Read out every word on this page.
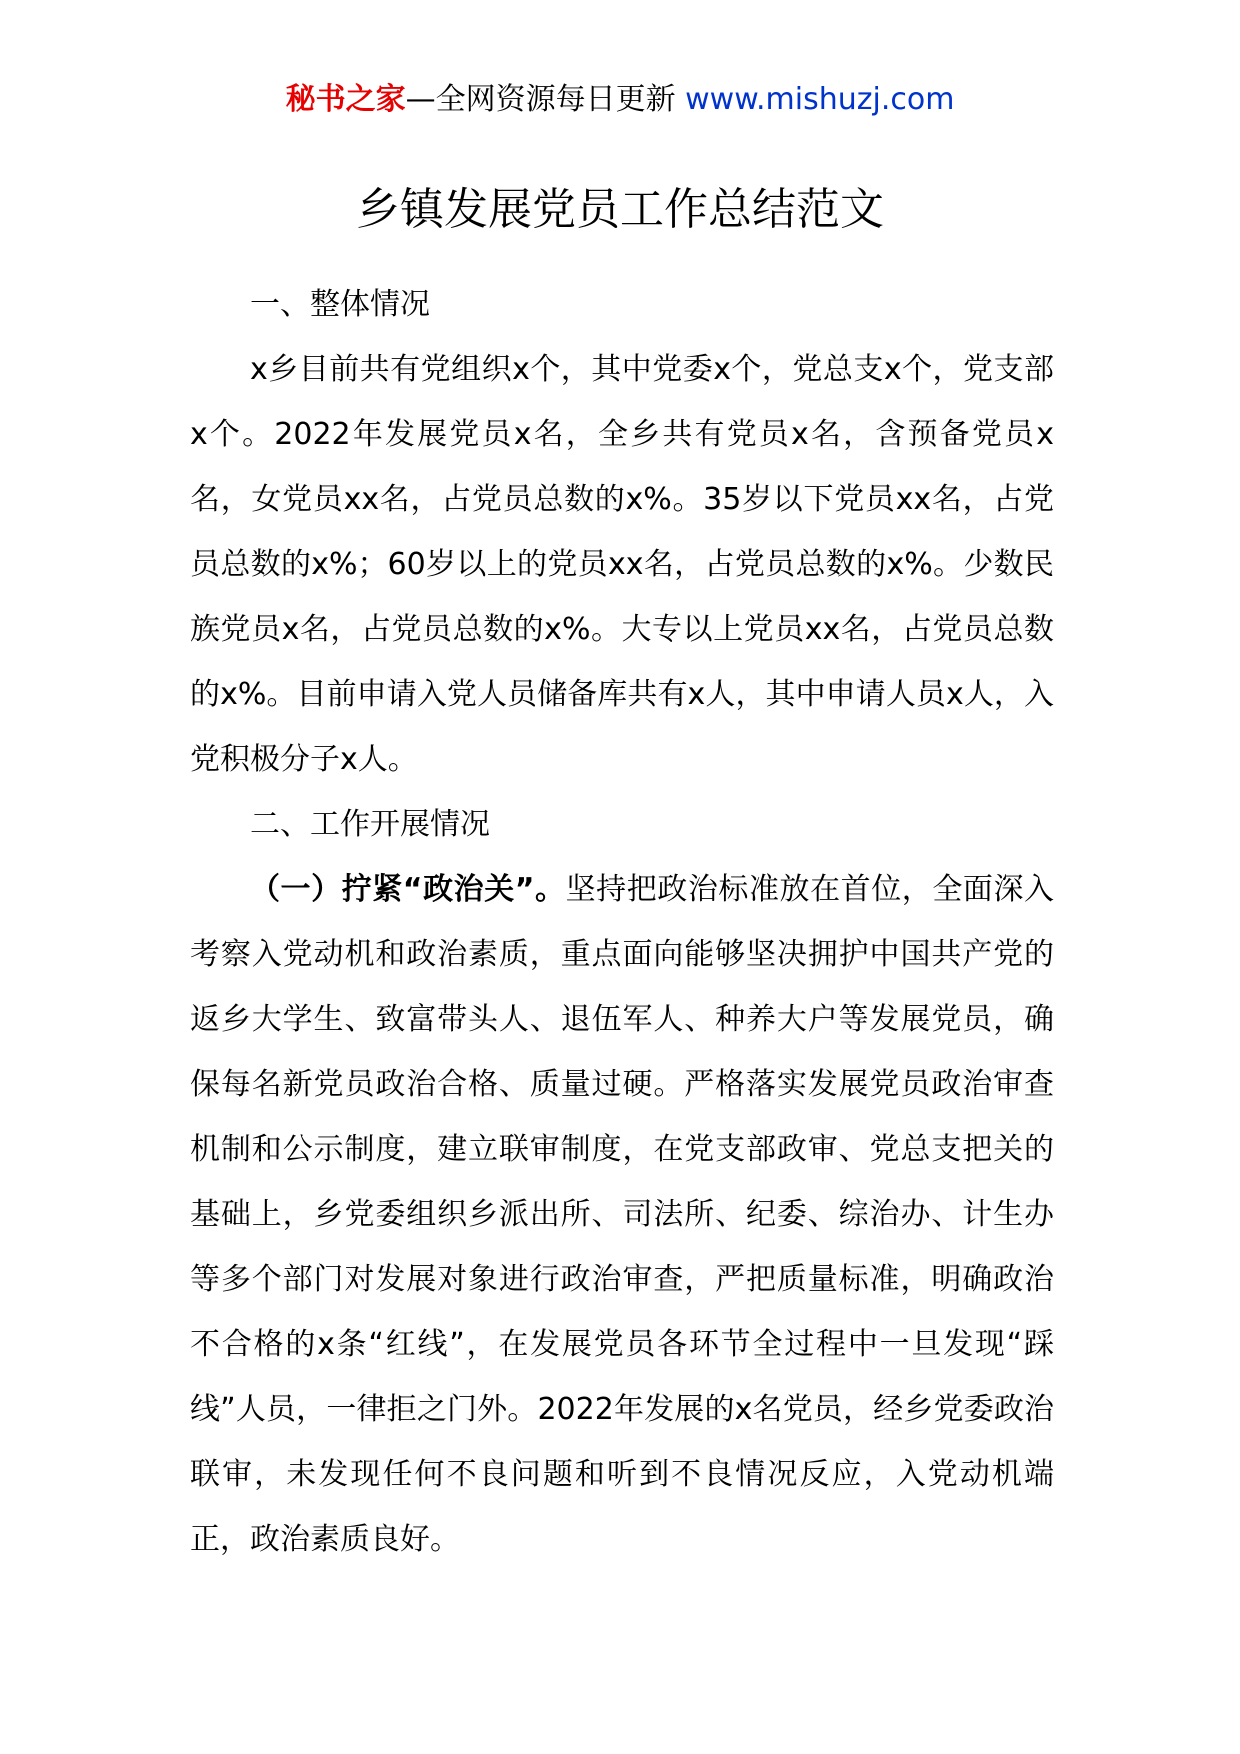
秘书之家—全网资源每日更新 www.mishuzj.com
乡镇发展党员工作总结范文
一、整体情况

x乡目前共有党组织x个，其中党委x个，党总支x个，党支部x个。2022年发展党员x名，全乡共有党员x名，含预备党员x名，女党员xx名，占党员总数的x%。35岁以下党员xx名，占党员总数的x%；60岁以上的党员xx名，占党员总数的x%。少数民族党员x名，占党员总数的x%。大专以上党员xx名，占党员总数的x%。目前申请入党人员储备库共有x人，其中申请人员x人，入党积极分子x人。

二、工作开展情况

（一）拧紧“政治关”。坚持把政治标准放在首位，全面深入考察入党动机和政治素质，重点面向能够坚决拥护中国共产党的返乡大学生、致富带头人、退伍军人、种养大户等发展党员，确保每名新党员政治合格、质量过硬。严格落实发展党员政治审查机制和公示制度，建立联审制度，在党支部政审、党总支把关的基础上，乡党委组织乡派出所、司法所、纪委、综治办、计生办等多个部门对发展对象进行政治审查，严把质量标准，明确政治不合格的x条“红线”，在发展党员各环节全过程中一旦发现“踩线”人员，一律拒之门外。2022年发展的x名党员，经乡党委政治联审，未发现任何不良问题和听到不良情况反应，入党动机端正，政治素质良好。
